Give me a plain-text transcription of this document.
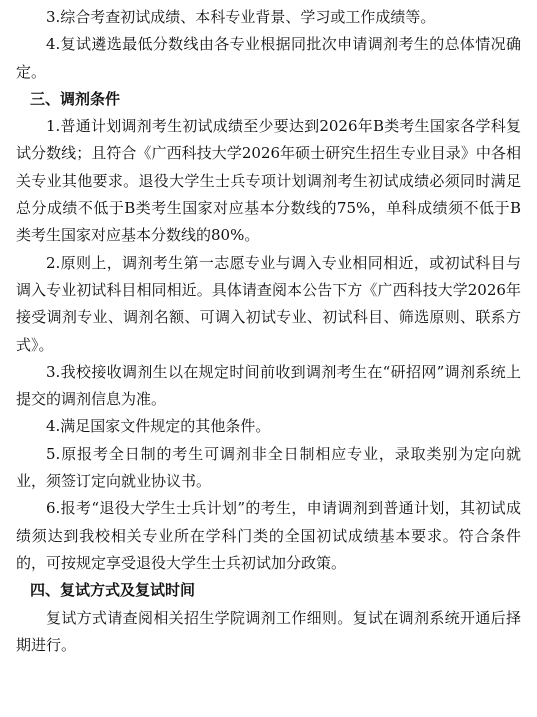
3.综合考查初试成绩、本科专业背景、学习或工作成绩等。

4.复试遴选最低分数线由各专业根据同批次申请调剂考生的总体情况确定。

三、调剂条件

1.普通计划调剂考生初试成绩至少要达到2026年B类考生国家各学科复试分数线；且符合《广西科技大学2026年硕士研究生招生专业目录》中各相关专业其他要求。退役大学生士兵专项计划调剂考生初试成绩必须同时满足总分成绩不低于B类考生国家对应基本分数线的75%，单科成绩须不低于B类考生国家对应基本分数线的80%。

2.原则上，调剂考生第一志愿专业与调入专业相同相近，或初试科目与调入专业初试科目相同相近。具体请查阅本公告下方《广西科技大学2026年接受调剂专业、调剂名额、可调入初试专业、初试科目、筛选原则、联系方式》。

3.我校接收调剂生以在规定时间前收到调剂考生在“研招网”调剂系统上提交的调剂信息为准。

4.满足国家文件规定的其他条件。

5.原报考全日制的考生可调剂非全日制相应专业，录取类别为定向就业，须签订定向就业协议书。

6.报考“退役大学生士兵计划”的考生，申请调剂到普通计划，其初试成绩须达到我校相关专业所在学科门类的全国初试成绩基本要求。符合条件的，可按规定享受退役大学生士兵初试加分政策。

四、复试方式及复试时间

复试方式请查阅相关招生学院调剂工作细则。复试在调剂系统开通后择期进行。
